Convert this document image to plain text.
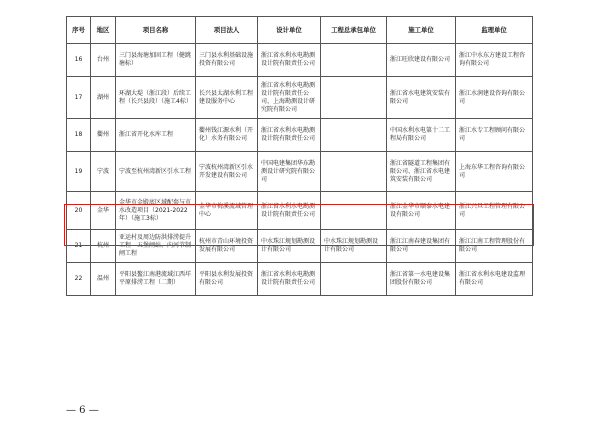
序号	地区	项目名称	项目法人	设计单位	工程总承包单位	施工单位	监理单位
16	台州	三门县海塘加固工程（健跳塘标）	三门县水利基础设施投资有限公司	浙江省水利水电勘测设计院有限责任公司		浙江旺欣建设有限公司	浙江中水东方建设工程咨询有限公司
17	湖州	环湖大堤（浙江段）后续工程（长兴县段）（施工4标）	长兴县太湖水利工程建设服务中心	浙江省水利水电勘测设计院有限责任公司、上海勘测设计研究院有限公司		浙江省水电建筑安装有限公司	浙江水润建设咨询有限公司
18	衢州	浙江省开化水库工程	衢州钱江源水利（开化）水务有限公司	浙江省水利水电勘测设计院有限责任公司		中国水利水电第十二工程局有限公司	浙江水专工程顾问有限公司
19	宁波	宁波至杭州湾新区引水工程	宁波杭州湾新区引水开发建设有限公司	中国电建集团华东勘测设计研究院有限公司		浙江省隧道工程集团有限公司、浙江省水电建筑安装有限公司	上海东华工程咨询有限公司
20	金华	金华市金殿底区域配套与市水改造项目（2021-2022年）（施工3标）	金华市梅溪流域管理中心	浙江省水利水电勘测设计院有限责任公司		浙江金华市顺泰水电建设有限公司	浙江兴旦工程管理有限公司
21	杭州	亚运村及周边防洪排涝提升工程—五堡闸站、内河节制闸工程	杭州市青山环境投资发展有限公司	中水珠江规划勘测设计有限公司	中水珠江规划勘测设计有限公司	浙江江南春建设集团有限公司	浙江江南工程管理股份有限公司
22	温州	平阳县鳌江南港流域江西垟平原排涝工程（二期）	平阳县水利发展投资有限公司	浙江省水利水电勘测设计院有限责任公司		浙江省第一水电建设集团股份有限公司	浙江省水利水电建设监理有限公司
— 6 —
